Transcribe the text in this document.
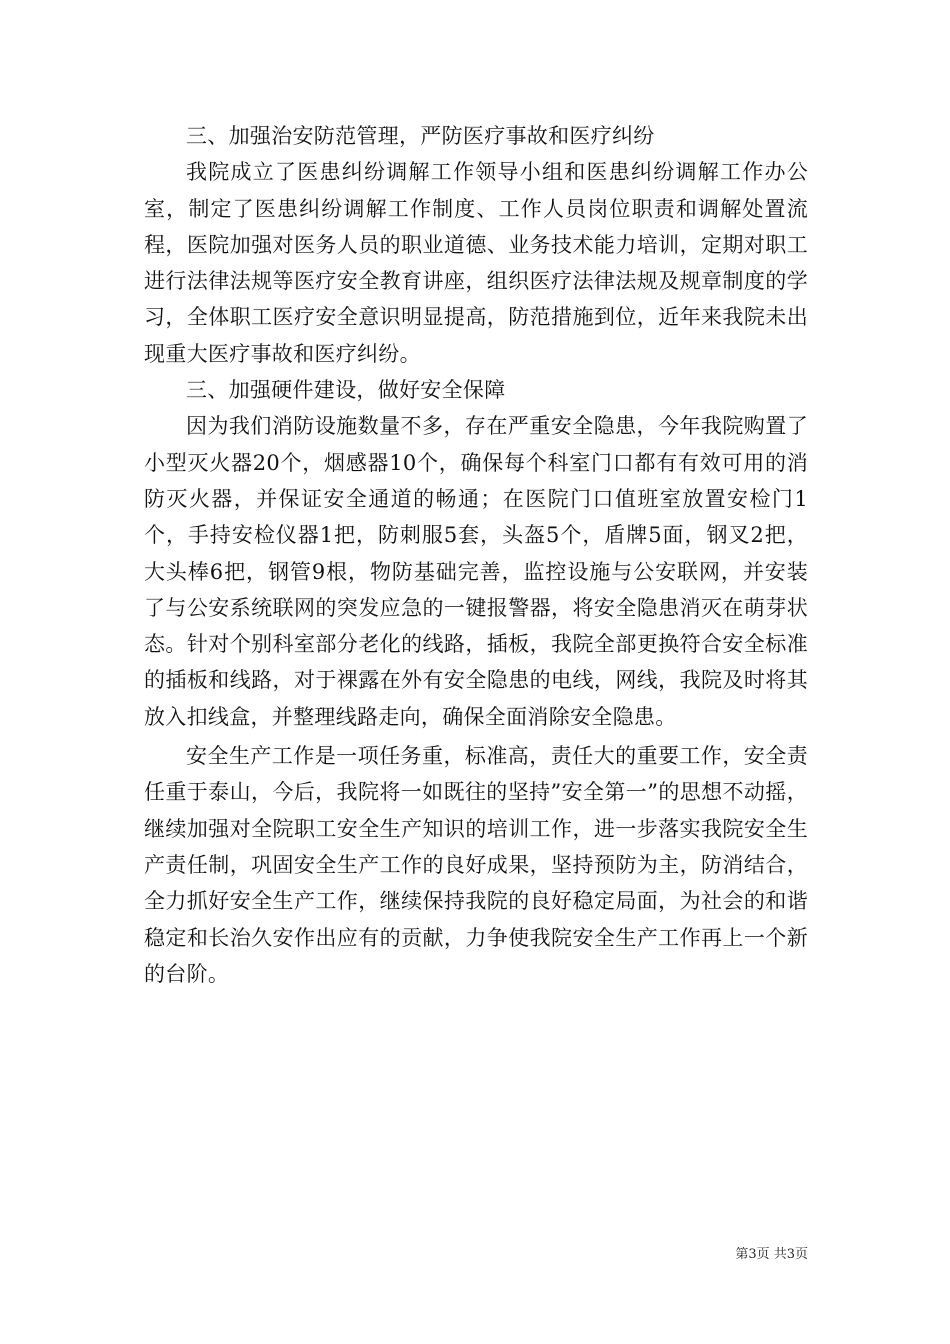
三、加强治安防范管理，严防医疗事故和医疗纠纷

我院成立了医患纠纷调解工作领导小组和医患纠纷调解工作办公室，制定了医患纠纷调解工作制度、工作人员岗位职责和调解处置流程，医院加强对医务人员的职业道德、业务技术能力培训，定期对职工进行法律法规等医疗安全教育讲座，组织医疗法律法规及规章制度的学习，全体职工医疗安全意识明显提高，防范措施到位，近年来我院未出现重大医疗事故和医疗纠纷。

三、加强硬件建设，做好安全保障

因为我们消防设施数量不多，存在严重安全隐患，今年我院购置了小型灭火器20个，烟感器10个，确保每个科室门口都有有效可用的消防灭火器，并保证安全通道的畅通；在医院门口值班室放置安检门1个，手持安检仪器1把，防刺服5套，头盔5个，盾牌5面，钢叉2把，大头棒6把，钢管9根，物防基础完善，监控设施与公安联网，并安装了与公安系统联网的突发应急的一键报警器，将安全隐患消灭在萌芽状态。针对个别科室部分老化的线路，插板，我院全部更换符合安全标准的插板和线路，对于裸露在外有安全隐患的电线，网线，我院及时将其放入扣线盒，并整理线路走向，确保全面消除安全隐患。

安全生产工作是一项任务重，标准高，责任大的重要工作，安全责任重于泰山，今后，我院将一如既往的坚持”安全第一”的思想不动摇，继续加强对全院职工安全生产知识的培训工作，进一步落实我院安全生产责任制，巩固安全生产工作的良好成果，坚持预防为主，防消结合，全力抓好安全生产工作，继续保持我院的良好稳定局面，为社会的和谐稳定和长治久安作出应有的贡献，力争使我院安全生产工作再上一个新的台阶。

第3页 共3页
